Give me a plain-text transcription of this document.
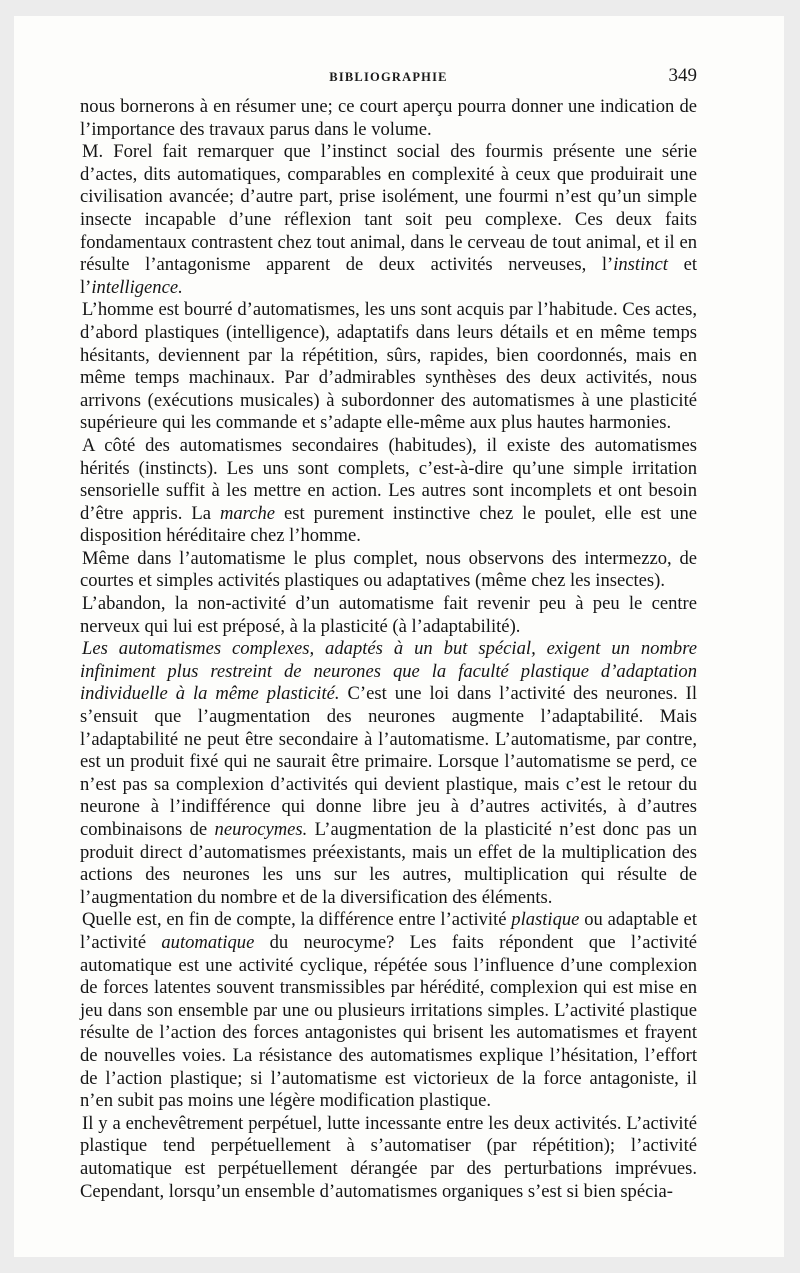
BIBLIOGRAPHIE	349

nous bornerons à en résumer une; ce court aperçu pourra donner une indication de l’importance des travaux parus dans le volume.

M. Forel fait remarquer que l’instinct social des fourmis présente une série d’actes, dits automatiques, comparables en complexité à ceux que produirait une civilisation avancée; d’autre part, prise isolément, une fourmi n’est qu’un simple insecte incapable d’une réflexion tant soit peu complexe. Ces deux faits fondamentaux contrastent chez tout animal, dans le cerveau de tout animal, et il en résulte l’antagonisme apparent de deux activités nerveuses, l’instinct et l’intelligence.

L’homme est bourré d’automatismes, les uns sont acquis par l’habitude. Ces actes, d’abord plastiques (intelligence), adaptatifs dans leurs détails et en même temps hésitants, deviennent par la répétition, sûrs, rapides, bien coordonnés, mais en même temps machinaux. Par d’admirables synthèses des deux activités, nous arrivons (exécutions musicales) à subordonner des automatismes à une plasticité supérieure qui les commande et s’adapte elle-même aux plus hautes harmonies.

A côté des automatismes secondaires (habitudes), il existe des automatismes hérités (instincts). Les uns sont complets, c’est-à-dire qu’une simple irritation sensorielle suffit à les mettre en action. Les autres sont incomplets et ont besoin d’être appris. La marche est purement instinctive chez le poulet, elle est une disposition héréditaire chez l’homme.

Même dans l’automatisme le plus complet, nous observons des intermezzo, de courtes et simples activités plastiques ou adaptatives (même chez les insectes).

L’abandon, la non-activité d’un automatisme fait revenir peu à peu le centre nerveux qui lui est préposé, à la plasticité (à l’adaptabilité).

Les automatismes complexes, adaptés à un but spécial, exigent un nombre infiniment plus restreint de neurones que la faculté plastique d’adaptation individuelle à la même plasticité. C’est une loi dans l’activité des neurones. Il s’ensuit que l’augmentation des neurones augmente l’adaptabilité. Mais l’adaptabilité ne peut être secondaire à l’automatisme. L’automatisme, par contre, est un produit fixé qui ne saurait être primaire. Lorsque l’automatisme se perd, ce n’est pas sa complexion d’activités qui devient plastique, mais c’est le retour du neurone à l’indifférence qui donne libre jeu à d’autres activités, à d’autres combinaisons de neurocymes. L’augmentation de la plasticité n’est donc pas un produit direct d’automatismes préexistants, mais un effet de la multiplication des actions des neurones les uns sur les autres, multiplication qui résulte de l’augmentation du nombre et de la diversification des éléments.

Quelle est, en fin de compte, la différence entre l’activité plastique ou adaptable et l’activité automatique du neurocyme? Les faits répondent que l’activité automatique est une activité cyclique, répétée sous l’influence d’une complexion de forces latentes souvent transmissibles par hérédité, complexion qui est mise en jeu dans son ensemble par une ou plusieurs irritations simples. L’activité plastique résulte de l’action des forces antagonistes qui brisent les automatismes et frayent de nouvelles voies. La résistance des automatismes explique l’hésitation, l’effort de l’action plastique; si l’automatisme est victorieux de la force antagoniste, il n’en subit pas moins une légère modification plastique.

Il y a enchevêtrement perpétuel, lutte incessante entre les deux activités. L’activité plastique tend perpétuellement à s’automatiser (par répétition); l’activité automatique est perpétuellement dérangée par des perturbations imprévues. Cependant, lorsqu’un ensemble d’automatismes organiques s’est si bien spécia-
